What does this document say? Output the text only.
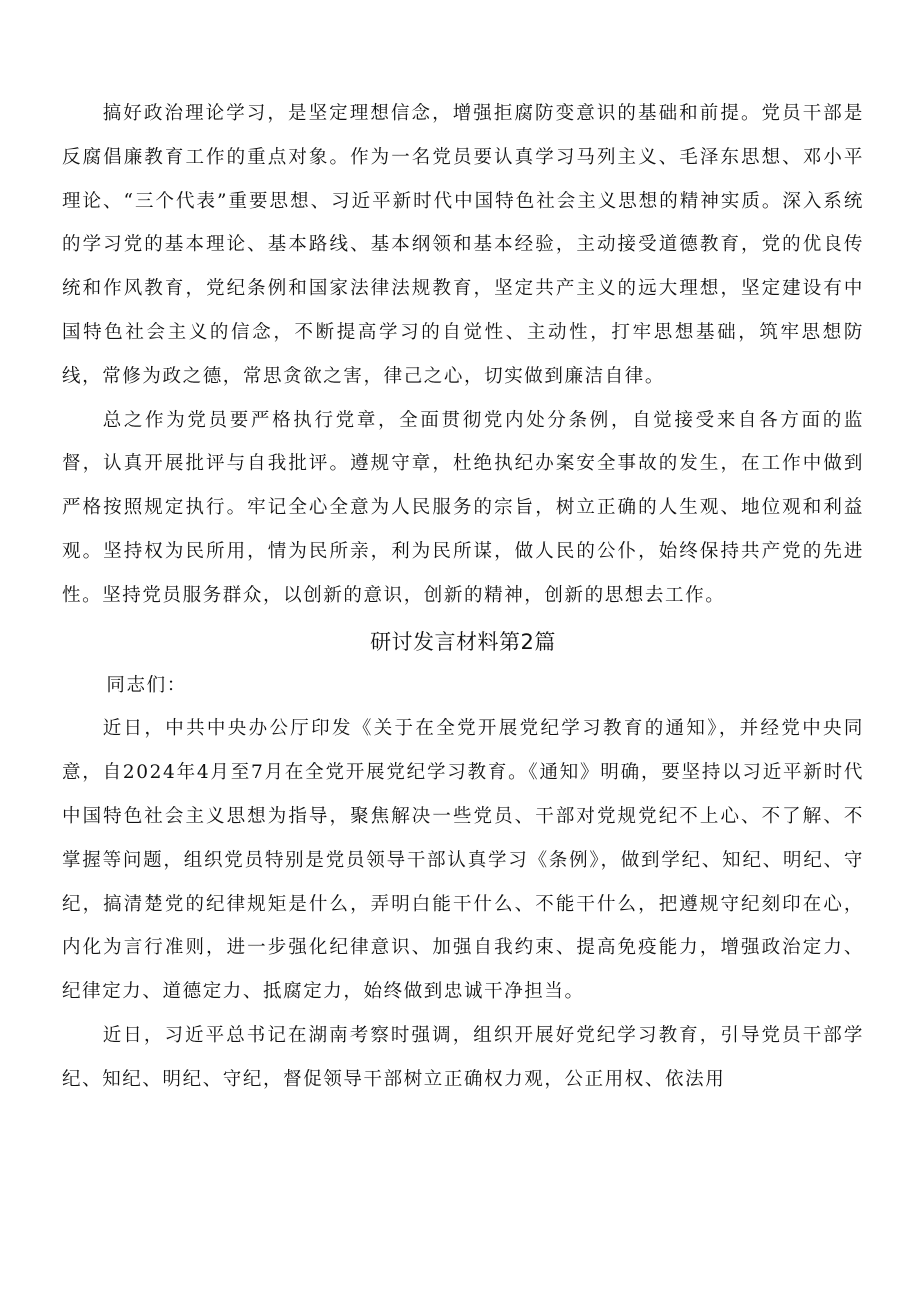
搞好政治理论学习，是坚定理想信念，增强拒腐防变意识的基础和前提。党员干部是反腐倡廉教育工作的重点对象。作为一名党员要认真学习马列主义、毛泽东思想、邓小平理论、“三个代表”重要思想、习近平新时代中国特色社会主义思想的精神实质。深入系统的学习党的基本理论、基本路线、基本纲领和基本经验，主动接受道德教育，党的优良传统和作风教育，党纪条例和国家法律法规教育，坚定共产主义的远大理想，坚定建设有中国特色社会主义的信念，不断提高学习的自觉性、主动性，打牢思想基础，筑牢思想防线，常修为政之德，常思贪欲之害，律己之心，切实做到廉洁自律。

总之作为党员要严格执行党章，全面贯彻党内处分条例，自觉接受来自各方面的监督，认真开展批评与自我批评。遵规守章，杜绝执纪办案安全事故的发生，在工作中做到严格按照规定执行。牢记全心全意为人民服务的宗旨，树立正确的人生观、地位观和利益观。坚持权为民所用，情为民所亲，利为民所谋，做人民的公仆，始终保持共产党的先进性。坚持党员服务群众，以创新的意识，创新的精神，创新的思想去工作。

研讨发言材料第2篇

同志们：

近日，中共中央办公厅印发《关于在全党开展党纪学习教育的通知》，并经党中央同意，自2024年4月至7月在全党开展党纪学习教育。《通知》明确，要坚持以习近平新时代中国特色社会主义思想为指导，聚焦解决一些党员、干部对党规党纪不上心、不了解、不掌握等问题，组织党员特别是党员领导干部认真学习《条例》，做到学纪、知纪、明纪、守纪，搞清楚党的纪律规矩是什么，弄明白能干什么、不能干什么，把遵规守纪刻印在心，内化为言行准则，进一步强化纪律意识、加强自我约束、提高免疫能力，增强政治定力、纪律定力、道德定力、抵腐定力，始终做到忠诚干净担当。

近日，习近平总书记在湖南考察时强调，组织开展好党纪学习教育，引导党员干部学纪、知纪、明纪、守纪，督促领导干部树立正确权力观，公正用权、依法用
